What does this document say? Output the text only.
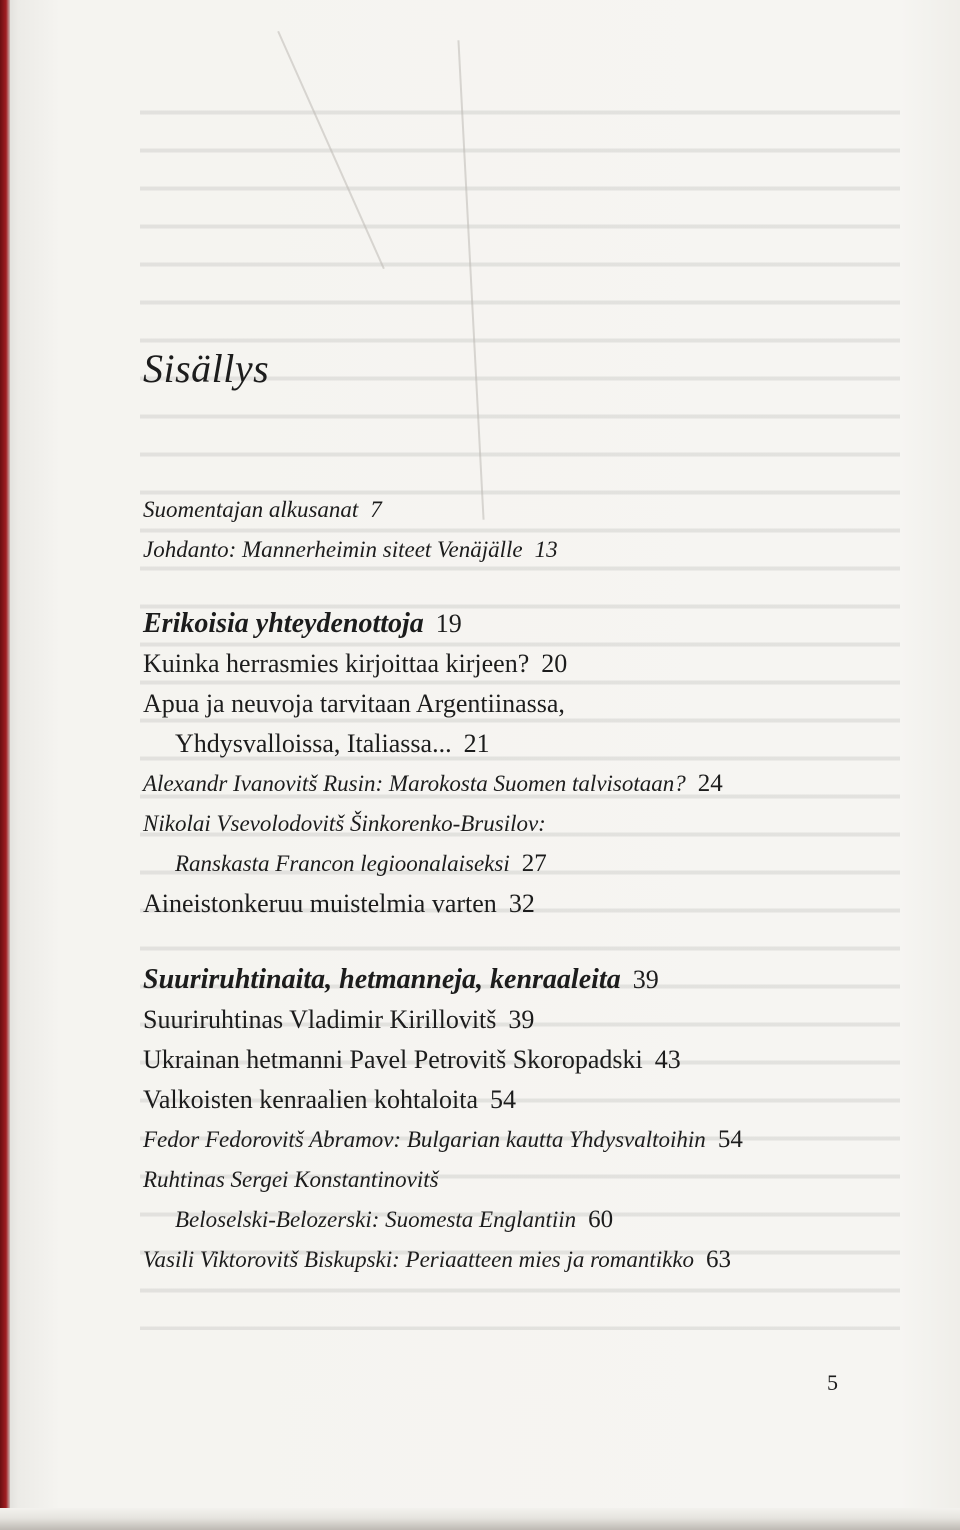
Sisällys
Suomentajan alkusanat 7
Johdanto: Mannerheimin siteet Venäjälle 13
Erikoisia yhteydenottoja 19
Kuinka herrasmies kirjoittaa kirjeen? 20
Apua ja neuvoja tarvitaan Argentiinassa,
Yhdysvalloissa, Italiassa... 21
Alexandr Ivanovitš Rusin: Marokosta Suomen talvisotaan? 24
Nikolai Vsevolodovitš Šinkorenko-Brusilov:
Ranskasta Francon legioonalaiseksi 27
Aineistonkeruu muistelmia varten 32
Suuriruhtinaita, hetmanneja, kenraaleita 39
Suuriruhtinas Vladimir Kirillovitš 39
Ukrainan hetmanni Pavel Petrovitš Skoropadski 43
Valkoisten kenraalien kohtaloita 54
Fedor Fedorovitš Abramov: Bulgarian kautta Yhdysvaltoihin 54
Ruhtinas Sergei Konstantinovitš
Beloselski-Belozerski: Suomesta Englantiin 60
Vasili Viktorovitš Biskupski: Periaatteen mies ja romantikko 63
5
